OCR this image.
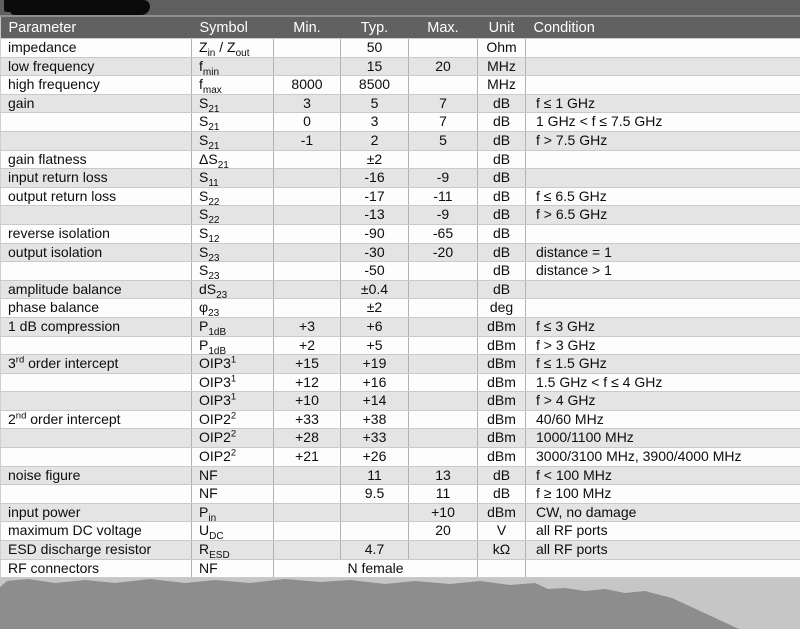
Parameter	Symbol	Min.	Typ.	Max.	Unit	Condition
impedance	$Z_{in} / Z_{out}$		50		Ohm	
low frequency	$f_{min}$		15	20	MHz	
high frequency	$f_{max}$	8000	8500		MHz	
gain	$S_{21}$	3	5	7	dB	f ≤ 1 GHz
	$S_{21}$	0	3	7	dB	1 GHz < f ≤ 7.5 GHz
	$S_{21}$	-1	2	5	dB	f > 7.5 GHz
gain flatness	$\Delta S_{21}$		±2		dB	
input return loss	$S_{11}$		-16	-9	dB	
output return loss	$S_{22}$		-17	-11	dB	f ≤ 6.5 GHz
	$S_{22}$		-13	-9	dB	f > 6.5 GHz
reverse isolation	$S_{12}$		-90	-65	dB	
output isolation	$S_{23}$		-30	-20	dB	distance = 1
	$S_{23}$		-50		dB	distance > 1
amplitude balance	$dS_{23}$		±0.4		dB	
phase balance	$\varphi_{23}$		±2		deg	
1 dB compression	$P_{1dB}$	+3	+6		dBm	f ≤ 3 GHz
	$P_{1dB}$	+2	+5		dBm	f > 3 GHz
3rd order intercept	$OIP3^1$	+15	+19		dBm	f ≤ 1.5 GHz
	$OIP3^1$	+12	+16		dBm	1.5 GHz < f ≤ 4 GHz
	$OIP3^1$	+10	+14		dBm	f > 4 GHz
2nd order intercept	$OIP2^2$	+33	+38		dBm	40/60 MHz
	$OIP2^2$	+28	+33		dBm	1000/1100 MHz
	$OIP2^2$	+21	+26		dBm	3000/3100 MHz, 3900/4000 MHz
noise figure	NF		11	13	dB	f < 100 MHz
	NF		9.5	11	dB	f ≥ 100 MHz
input power	$P_{in}$			+10	dBm	CW, no damage
maximum DC voltage	$U_{DC}$			20	V	all RF ports
ESD discharge resistor	$R_{ESD}$		4.7		kΩ	all RF ports
RF connectors	NF	N female				
